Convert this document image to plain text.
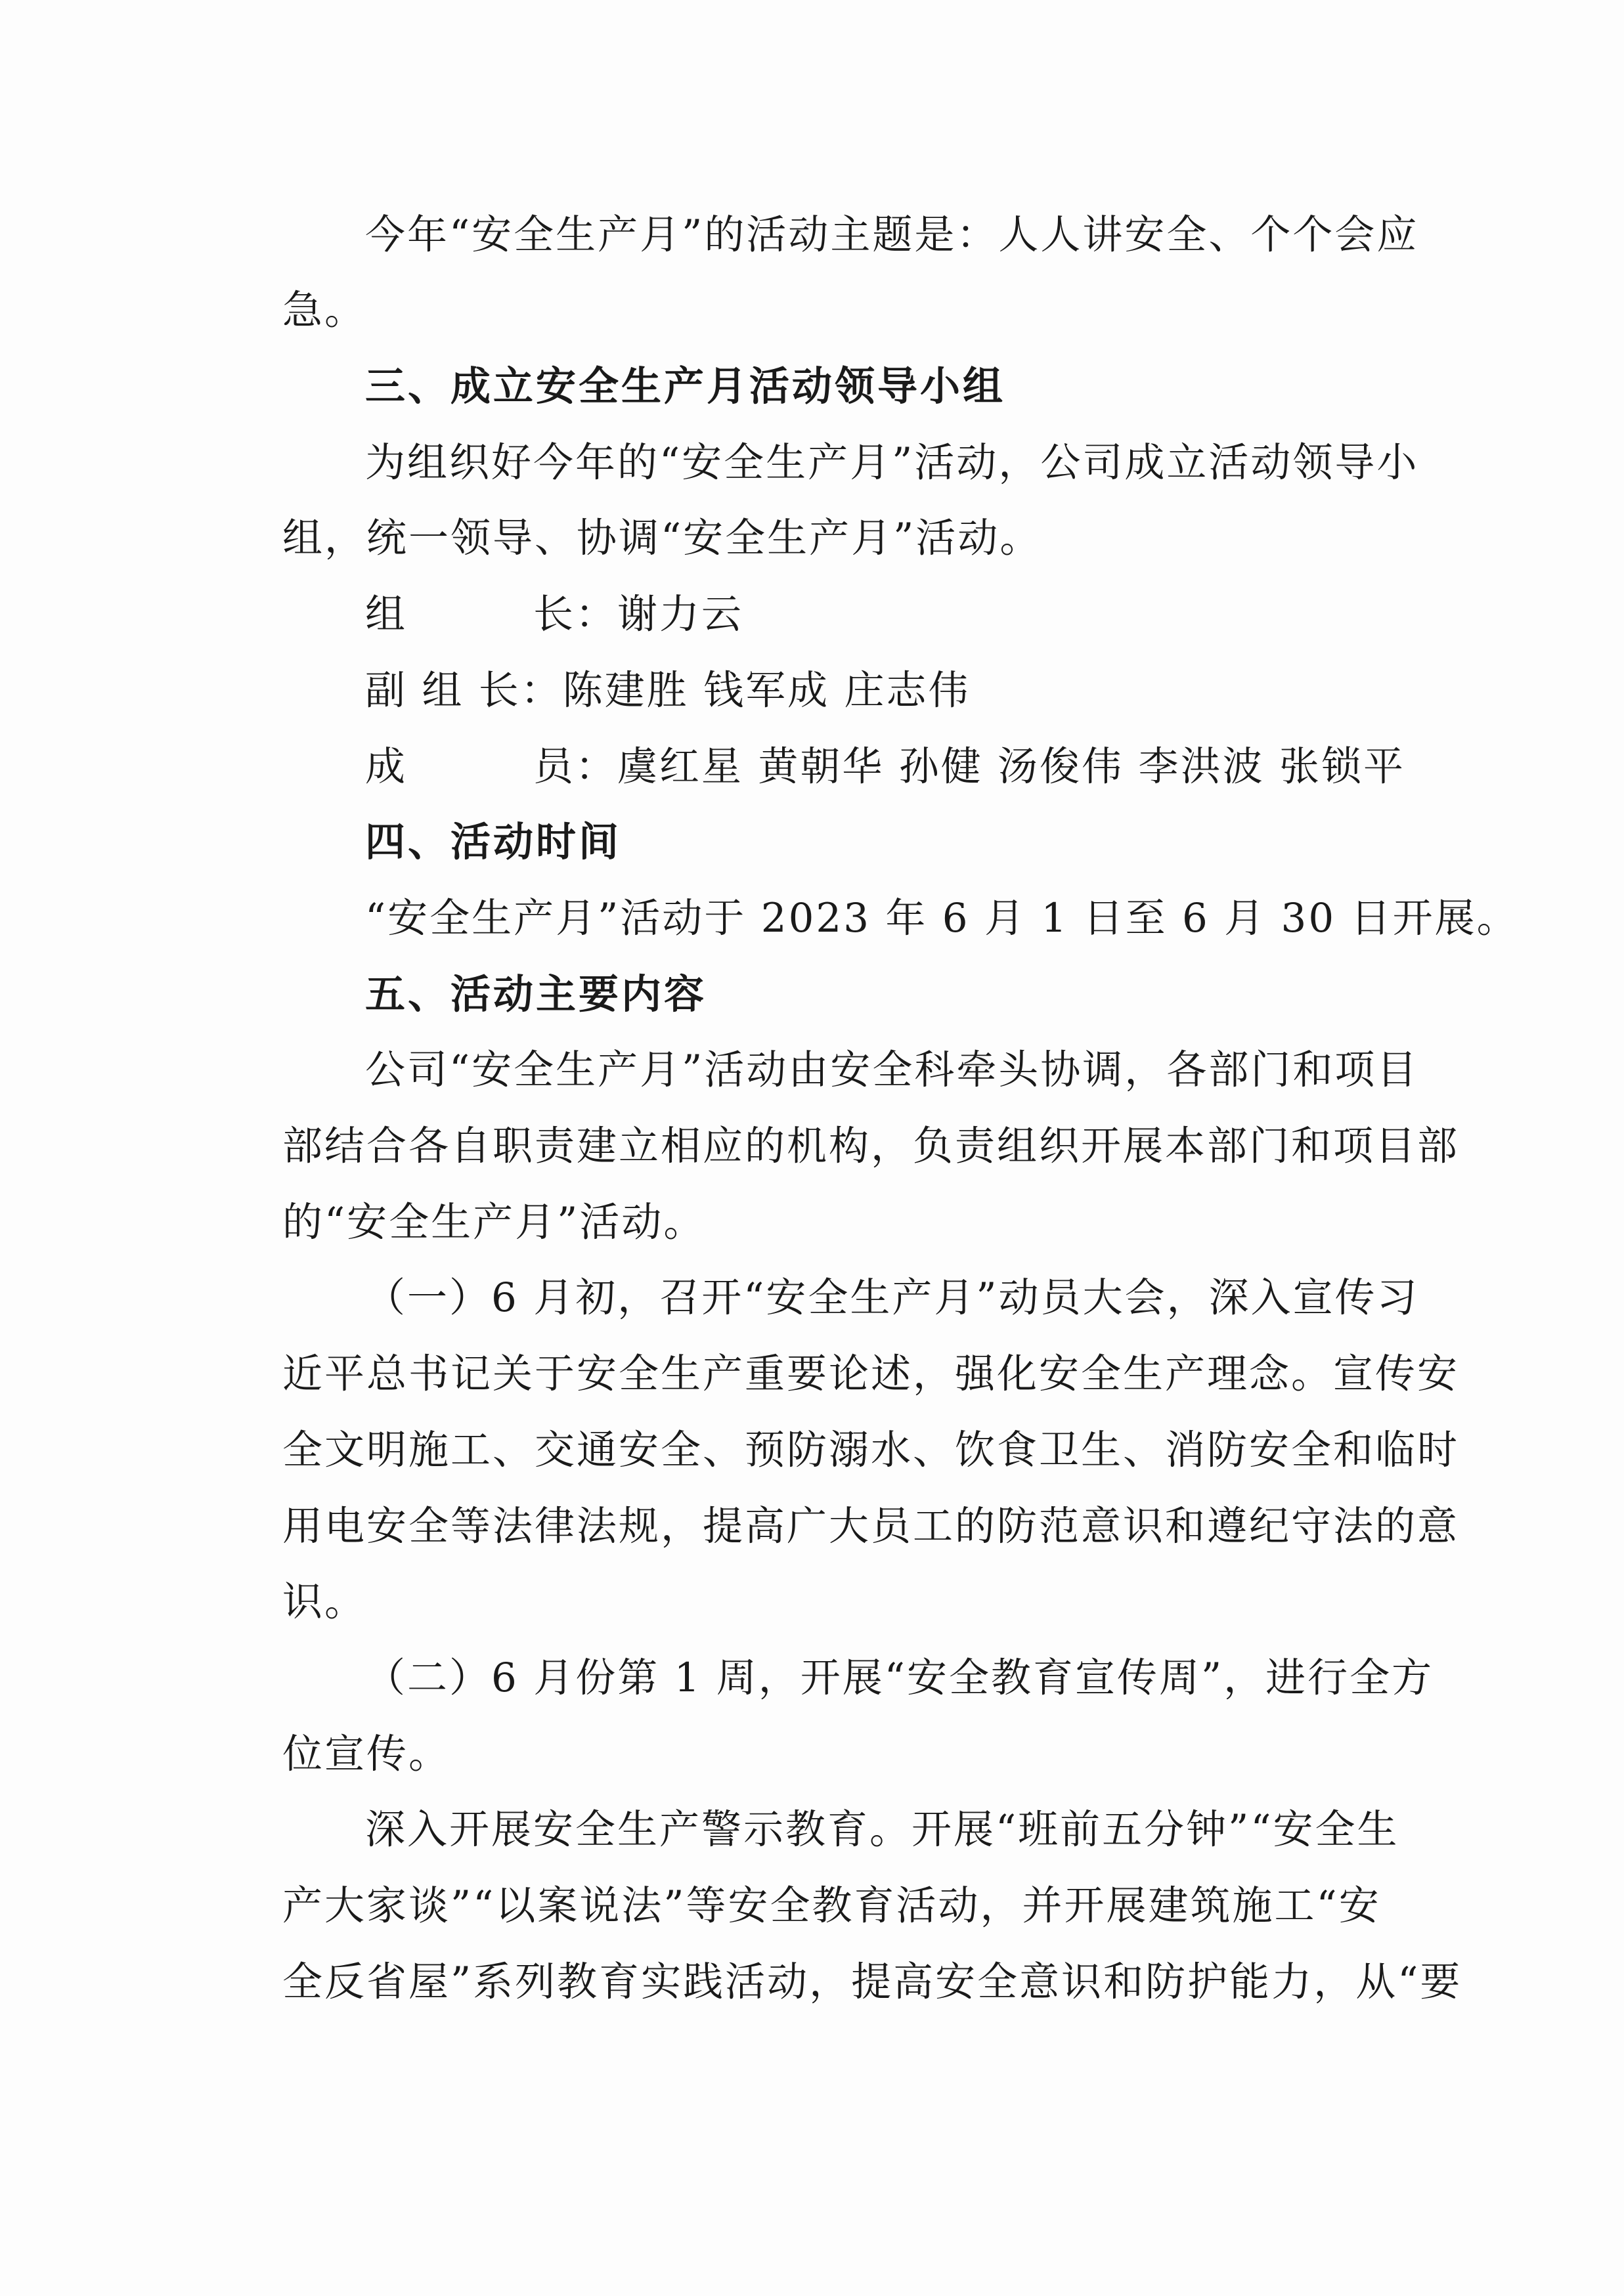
今年“安全生产月”的活动主题是：人人讲安全、个个会应
急。
三、成立安全生产月活动领导小组
为组织好今年的“安全生产月”活动，公司成立活动领导小
组，统一领导、协调“安全生产月”活动。
组　　　长：谢力云
副 组 长：陈建胜 钱军成 庄志伟
成　　　员：虞红星 黄朝华 孙健 汤俊伟 李洪波 张锁平
四、活动时间
“安全生产月”活动于 2023 年 6 月 1 日至 6 月 30 日开展。
五、活动主要内容
公司“安全生产月”活动由安全科牵头协调，各部门和项目
部结合各自职责建立相应的机构，负责组织开展本部门和项目部
的“安全生产月”活动。
（一）6 月初，召开“安全生产月”动员大会，深入宣传习
近平总书记关于安全生产重要论述，强化安全生产理念。宣传安
全文明施工、交通安全、预防溺水、饮食卫生、消防安全和临时
用电安全等法律法规，提高广大员工的防范意识和遵纪守法的意
识。
（二）6 月份第 1 周，开展“安全教育宣传周”，进行全方
位宣传。
深入开展安全生产警示教育。开展“班前五分钟”“安全生
产大家谈”“以案说法”等安全教育活动，并开展建筑施工“安
全反省屋”系列教育实践活动，提高安全意识和防护能力，从“要
